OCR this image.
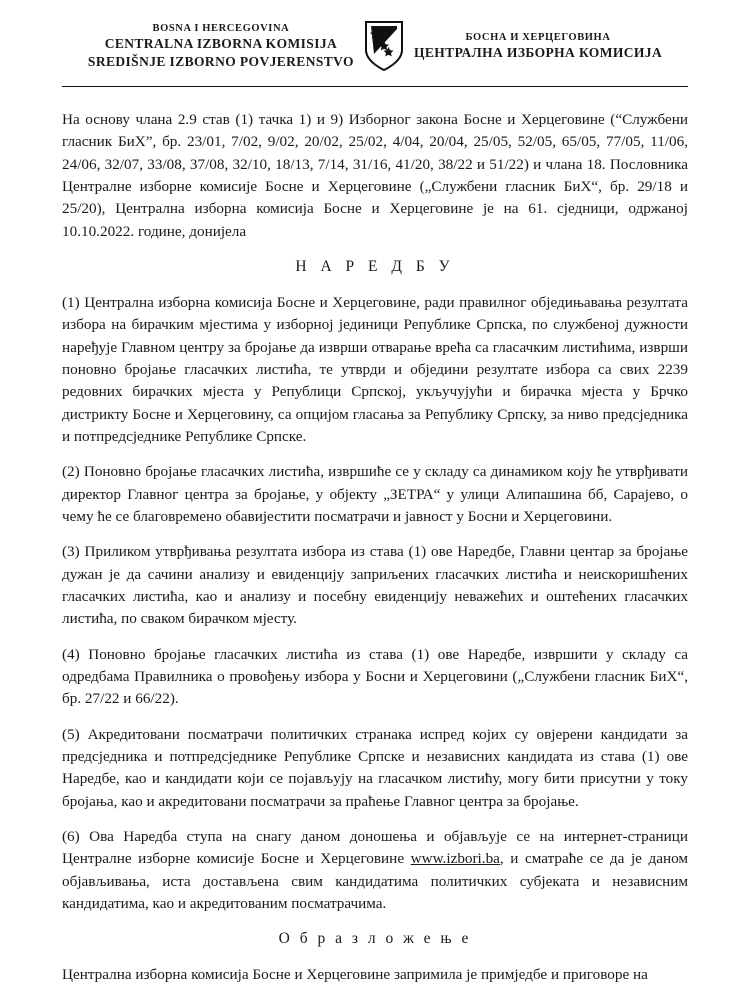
BOSNA I HERCEGOVINA
CENTRALNA IZBORNA KOMISIJA
SREDIŠNJE IZBORNO POVJERENSTVO
БОСНА И ХЕРЦЕГОВИНА
ЦЕНТРАЛНА ИЗБОРНА КОМИСИЈА

На основу члана 2.9 став (1) тачка 1) и 9) Изборног закона Босне и Херцеговине (“Службени гласник БиХ”, бр. 23/01, 7/02, 9/02, 20/02, 25/02, 4/04, 20/04, 25/05, 52/05, 65/05, 77/05, 11/06, 24/06, 32/07, 33/08, 37/08, 32/10, 18/13, 7/14, 31/16, 41/20, 38/22 и 51/22) и члана 18. Пословника Централне изборне комисије Босне и Херцеговине („Службени гласник БиХ“, бр. 29/18 и 25/20), Централна изборна комисија Босне и Херцеговине је на 61. сједници, одржаној 10.10.2022. године, донијела

Н А Р Е Д Б У

(1) Централна изборна комисија Босне и Херцеговине, ради правилног обједињавања резултата избора на бирачким мјестима у изборној јединици Републике Српска, по службеној дужности наређује Главном центру за бројање да изврши отварање врећа са гласачким листићима, изврши поновно бројање гласачких листића, те утврди и обједини резултате избора са свих 2239 редовних бирачких мјеста у Републици Српској, укључујући и бирачка мјеста у Брчко дистрикту Босне и Херцеговину, са опцијом гласања за Републику Српску, за ниво предсједника и потпредсједнике Републике Српске.

(2) Поновно бројање гласачких листића, извршиће се у складу са динамиком коју ће утврђивати директор Главног центра за бројање, у објекту „ЗЕТРА“ у улици Алипашина бб, Сарајево, о чему ће се благовремено обавијестити посматрачи и јавност у Босни и Херцеговини.

(3) Приликом утврђивања резултата избора из става (1) ове Наредбе, Главни центар за бројање дужан је да сачини анализу и евиденцију заприљених гласачких листића и неискоришћених гласачких листића, као и анализу и посебну евиденцију неважећих и оштећених гласачких листића, по сваком бирачком мјесту.

(4) Поновно бројање гласачких листића из става (1) ове Наредбе, извршити у складу са одредбама Правилника о провођењу избора у Босни и Херцеговини („Службени гласник БиХ“, бр. 27/22 и 66/22).

(5) Акредитовани посматрачи политичких странака испред којих су овјерени кандидати за предсједника и потпредсједнике Републике Српске и независних кандидата из става (1) ове Наредбе, као и кандидати који се појављују на гласачком листићу, могу бити присутни у току бројања, као и акредитовани посматрачи за праћење Главног центра за бројање.

(6) Ова Наредба ступа на снагу даном доношења и објављује се на интернет-страници Централне изборне комисије Босне и Херцеговине www.izbori.ba, и сматраће се да је даном објављивања, иста достављена свим кандидатима политичких субјеката и независним кандидатима, као и акредитованим посматрачима.

О б р а з л о ж е њ е

Централна изборна комисија Босне и Херцеговине запримила је примједбе и приговоре на
